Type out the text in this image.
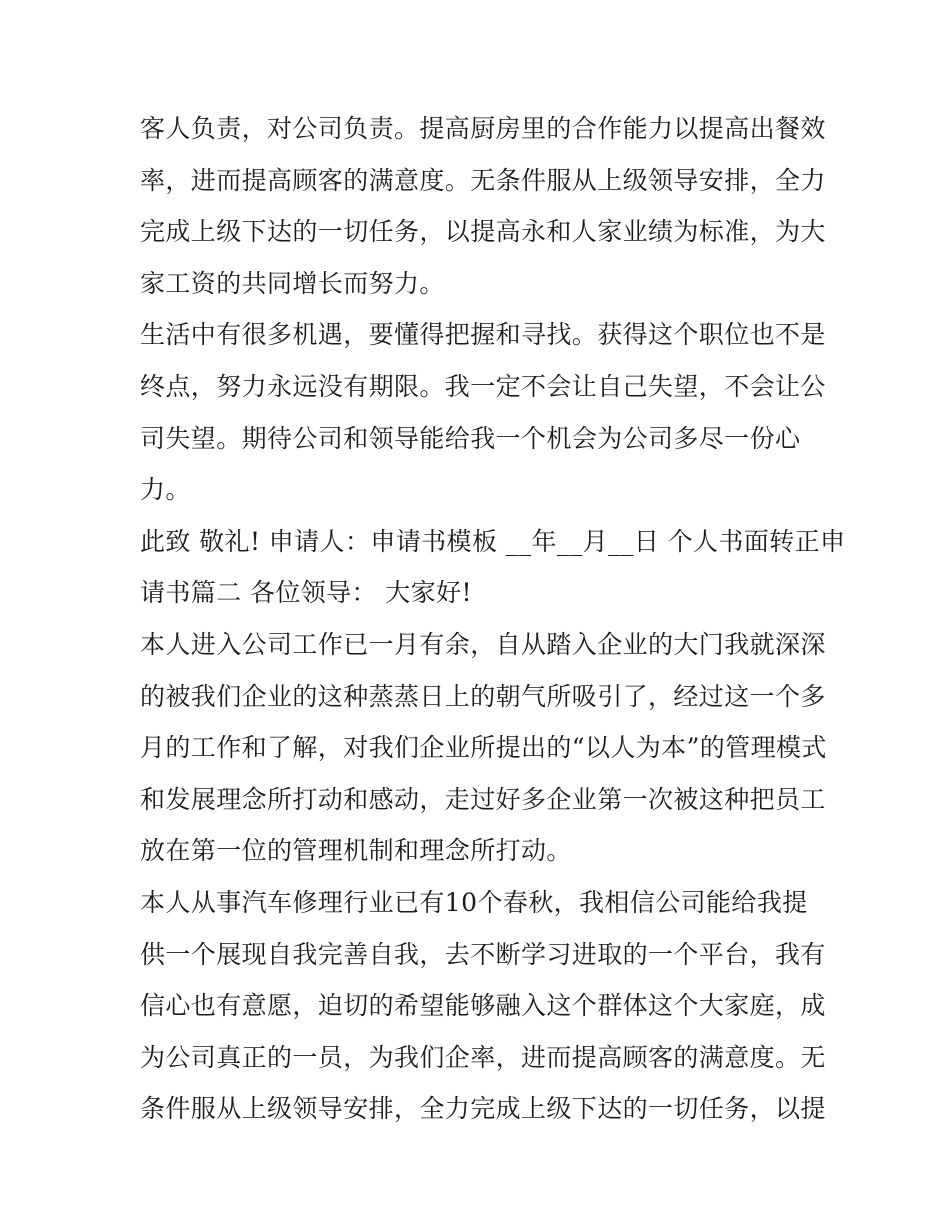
客人负责，对公司负责。提高厨房里的合作能力以提高出餐效
率，进而提高顾客的满意度。无条件服从上级领导安排，全力
完成上级下达的一切任务，以提高永和人家业绩为标准，为大
家工资的共同增长而努力。
生活中有很多机遇，要懂得把握和寻找。获得这个职位也不是
终点，努力永远没有期限。我一定不会让自己失望，不会让公
司失望。期待公司和领导能给我一个机会为公司多尽一份心
力。
此致 敬礼! 申请人：申请书模板 __年__月__日 个人书面转正申
请书篇二 各位领导： 大家好!
本人进入公司工作已一月有余，自从踏入企业的大门我就深深
的被我们企业的这种蒸蒸日上的朝气所吸引了，经过这一个多
月的工作和了解，对我们企业所提出的“以人为本”的管理模式
和发展理念所打动和感动，走过好多企业第一次被这种把员工
放在第一位的管理机制和理念所打动。
本人从事汽车修理行业已有10个春秋，我相信公司能给我提
供一个展现自我完善自我，去不断学习进取的一个平台，我有
信心也有意愿，迫切的希望能够融入这个群体这个大家庭，成
为公司真正的一员，为我们企率，进而提高顾客的满意度。无
条件服从上级领导安排，全力完成上级下达的一切任务，以提
